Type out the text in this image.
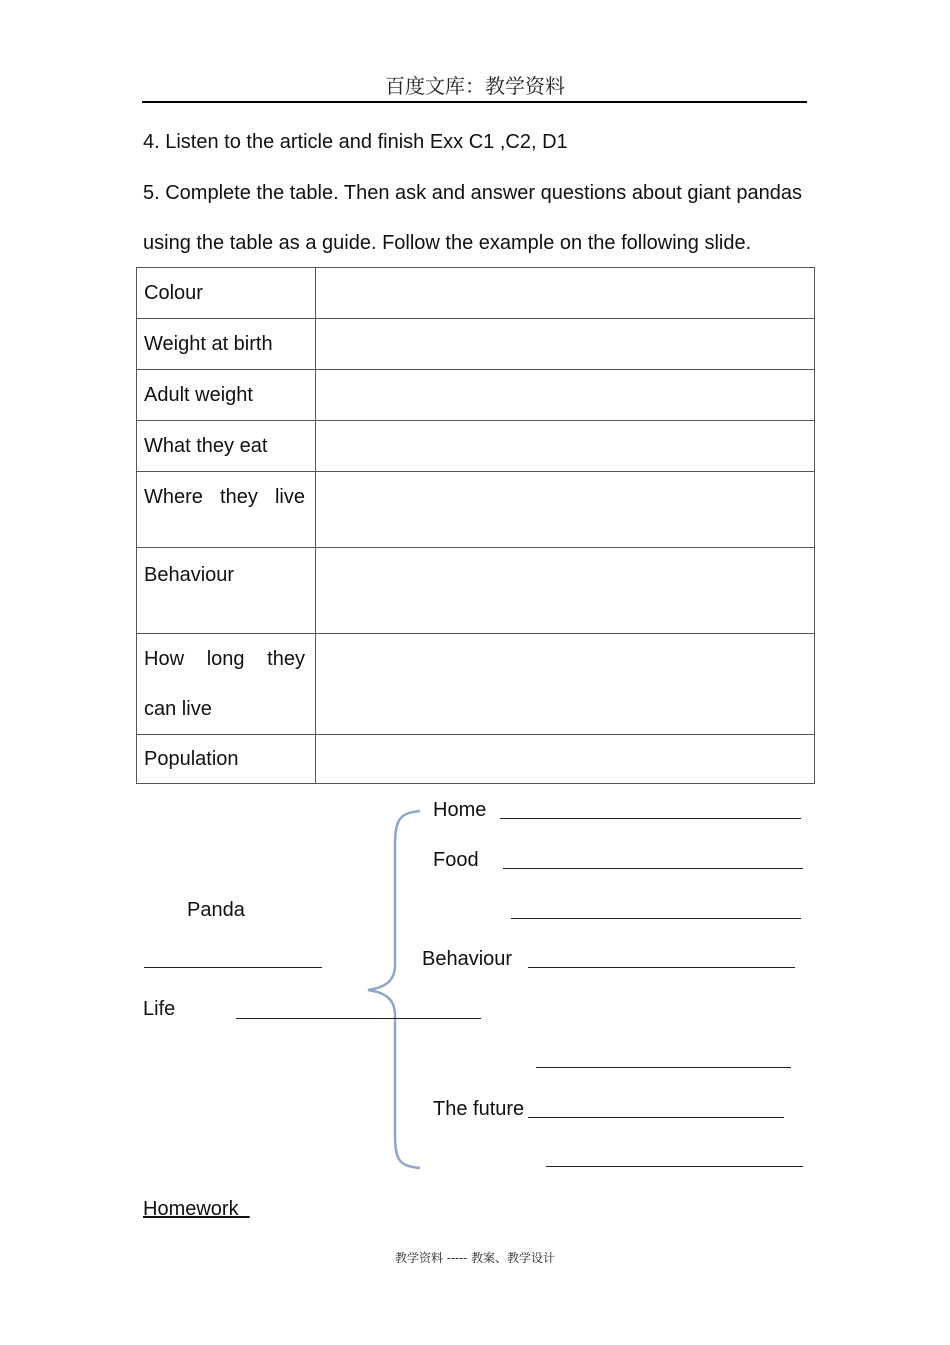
百度文库：教学资料
4. Listen to the article and finish Exx C1 ,C2, D1
5. Complete the table. Then ask and answer questions about giant pandas
using the table as a guide. Follow the example on the following slide.
Colour	

Weight at birth	

Adult weight	

What they eat	

Where they live	

Behaviour	

How long they
can live	

Population	

Panda
Life
Home
Food
Behaviour
The future
Homework
教学资料 ----- 教案、教学设计
